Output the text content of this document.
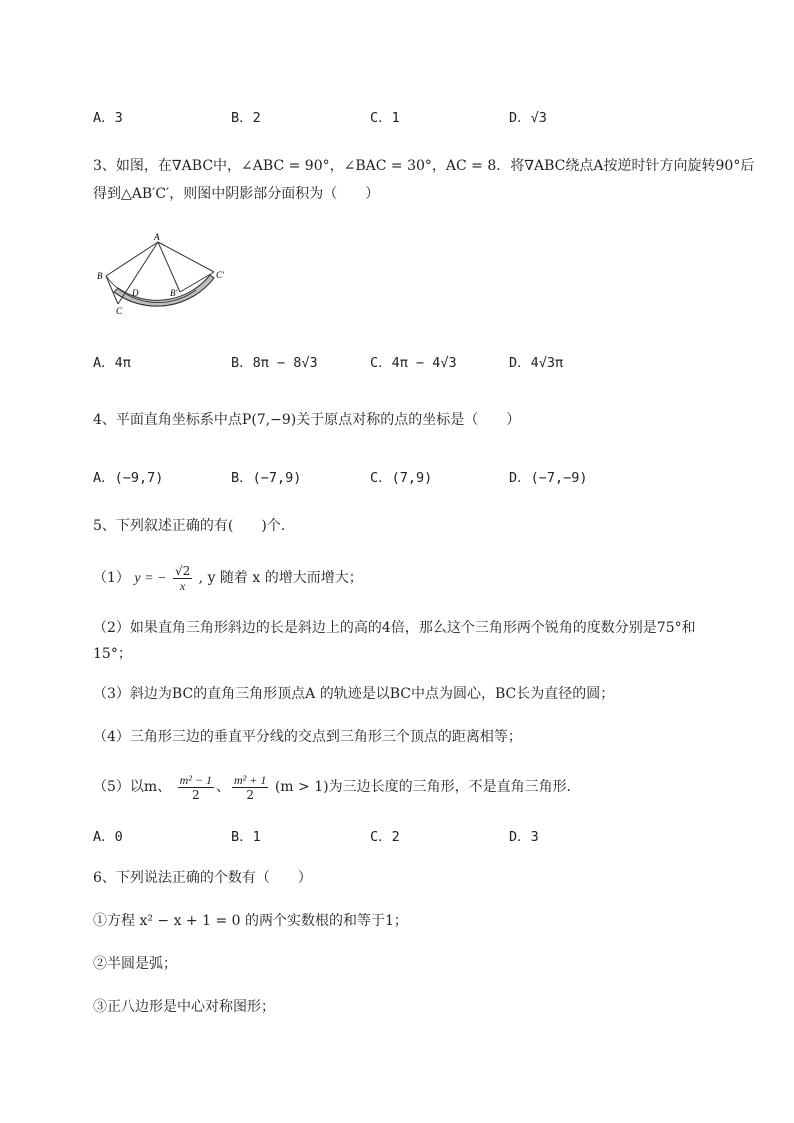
A．3	B．2	C．1	D．√3
3、如图，在∇ABC中，∠ABC = 90°，∠BAC = 30°，AC = 8．将∇ABC绕点A按逆时针方向旋转90°后
得到△AB′C′，则图中阴影部分面积为（　　）
A
B
C
C′
D	B′
A．4π	B．8π − 8√3	C．4π − 4√3	D．4√3π
4、平面直角坐标系中点P(7,−9)关于原点对称的点的坐标是（　　）
A．(−9,7)	B．(−7,9)	C．(7,9)	D．(−7,−9)
5、下列叙述正确的有(　　)个.
（1） y = − $\frac{√2}{x}$ , y 随着 x 的增大而增大；
（2）如果直角三角形斜边的长是斜边上的高的4倍，那么这个三角形两个锐角的度数分别是75°和
15°；
（3）斜边为BC的直角三角形顶点A 的轨迹是以BC中点为圆心，BC长为直径的圆；
（4）三角形三边的垂直平分线的交点到三角形三个顶点的距离相等；
（5）以m、 $\frac{\text{m² − 1}}{2}$ 、 $\frac{\text{m² + 1}}{2} (m > 1)$为三边长度的三角形，不是直角三角形．
A．0	B．1	C．2	D．3
6、下列说法正确的个数有（　　）
①方程 x² − x + 1 = 0 的两个实数根的和等于1；
②半圆是弧；
③正八边形是中心对称图形；
